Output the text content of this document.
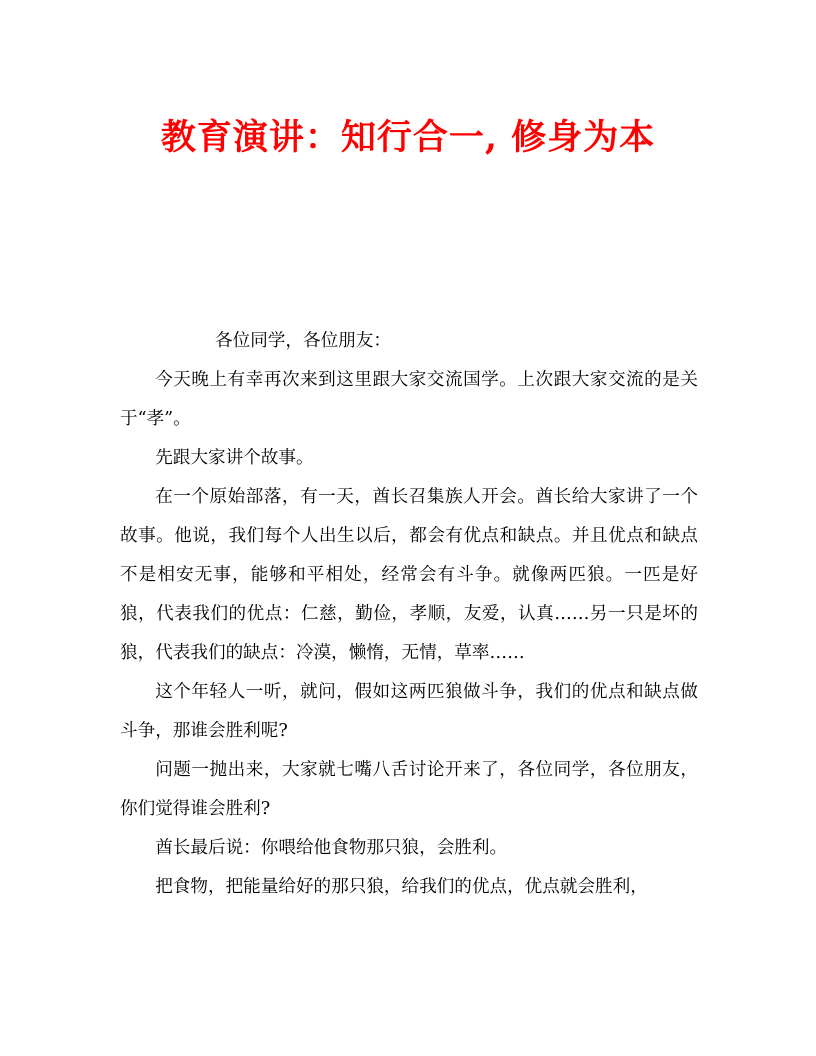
教育演讲：知行合一, 修身为本

各位同学，各位朋友：

今天晚上有幸再次来到这里跟大家交流国学。上次跟大家交流的是关于“孝”。

先跟大家讲个故事。

在一个原始部落，有一天，酋长召集族人开会。酋长给大家讲了一个故事。他说，我们每个人出生以后，都会有优点和缺点。并且优点和缺点不是相安无事，能够和平相处，经常会有斗争。就像两匹狼。一匹是好狼，代表我们的优点：仁慈，勤俭，孝顺，友爱，认真……另一只是坏的狼，代表我们的缺点：冷漠，懒惰，无情，草率……

这个年轻人一听，就问，假如这两匹狼做斗争，我们的优点和缺点做斗争，那谁会胜利呢?

问题一抛出来，大家就七嘴八舌讨论开来了，各位同学，各位朋友，你们觉得谁会胜利?

酋长最后说：你喂给他食物那只狼，会胜利。

把食物，把能量给好的那只狼，给我们的优点，优点就会胜利，
